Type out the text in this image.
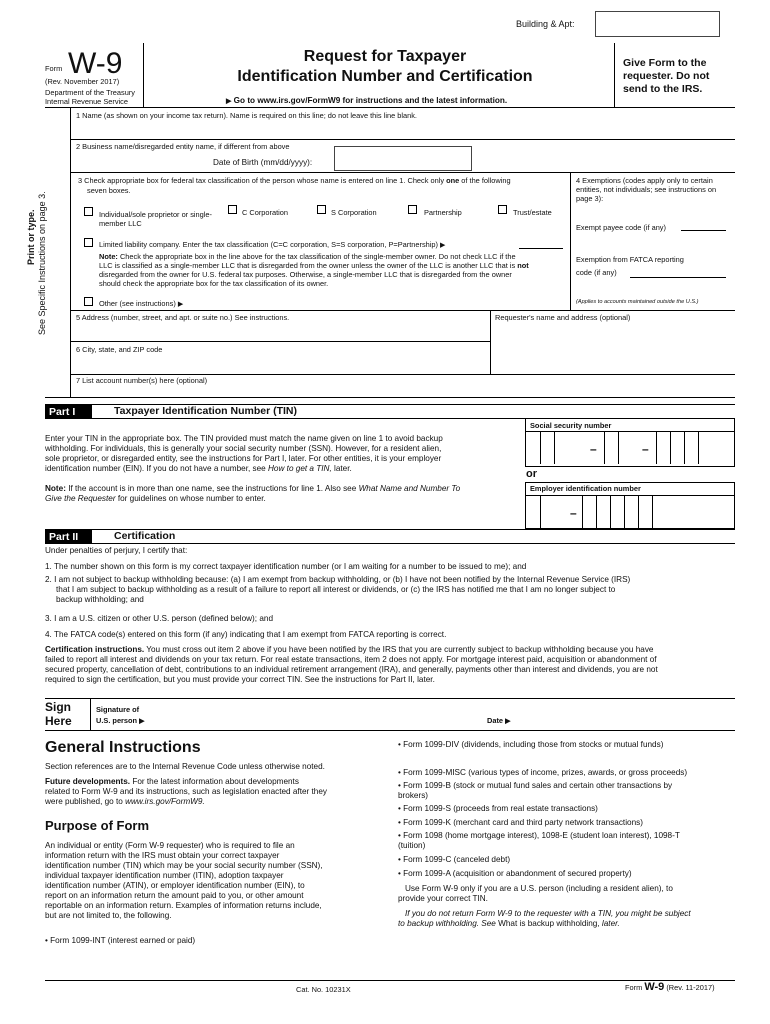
Building & Apt:
Form W-9
(Rev. November 2017)
Department of the Treasury
Internal Revenue Service
Request for Taxpayer
Identification Number and Certification
▶ Go to www.irs.gov/FormW9 for instructions and the latest information.
Give Form to the requester. Do not send to the IRS.
Print or type. See Specific Instructions on page 3.
1 Name (as shown on your income tax return). Name is required on this line; do not leave this line blank.
2 Business name/disregarded entity name, if different from above
Date of Birth (mm/dd/yyyy):
3 Check appropriate box for federal tax classification of the person whose name is entered on line 1. Check only one of the following
seven boxes.
Individual/sole proprietor or single-member LLC
C Corporation	S Corporation	Partnership	Trust/estate
Limited liability company. Enter the tax classification (C=C corporation, S=S corporation, P=Partnership) ▶
Note: Check the appropriate box in the line above for the tax classification of the single-member owner. Do not check LLC if the
LLC is classified as a single-member LLC that is disregarded from the owner unless the owner of the LLC is another LLC that is not
disregarded from the owner for U.S. federal tax purposes. Otherwise, a single-member LLC that is disregarded from the owner
should check the appropriate box for the tax classification of its owner.
Other (see instructions) ▶
4 Exemptions (codes apply only to certain entities, not individuals; see instructions on page 3):
Exempt payee code (if any)
Exemption from FATCA reporting
code (if any)
(Applies to accounts maintained outside the U.S.)
5 Address (number, street, and apt. or suite no.) See instructions.	Requester's name and address (optional)
6 City, state, and ZIP code
7 List account number(s) here (optional)
Part I	Taxpayer Identification Number (TIN)
Enter your TIN in the appropriate box. The TIN provided must match the name given on line 1 to avoid backup
withholding. For individuals, this is generally your social security number (SSN). However, for a resident alien,
sole proprietor, or disregarded entity, see the instructions for Part I, later. For other entities, it is your employer
identification number (EIN). If you do not have a number, see How to get a TIN, later.
Note: If the account is in more than one name, see the instructions for line 1. Also see What Name and Number To
Give the Requester for guidelines on whose number to enter.
Social security number
–	–
or
Employer identification number
–
Part II	Certification
Under penalties of perjury, I certify that:
1. The number shown on this form is my correct taxpayer identification number (or I am waiting for a number to be issued to me); and
2. I am not subject to backup withholding because: (a) I am exempt from backup withholding, or (b) I have not been notified by the Internal Revenue Service (IRS)
that I am subject to backup withholding as a result of a failure to report all interest or dividends, or (c) the IRS has notified me that I am no longer subject to
backup withholding; and
3. I am a U.S. citizen or other U.S. person (defined below); and
4. The FATCA code(s) entered on this form (if any) indicating that I am exempt from FATCA reporting is correct.
Certification instructions. You must cross out item 2 above if you have been notified by the IRS that you are currently subject to backup withholding because you have
failed to report all interest and dividends on your tax return. For real estate transactions, item 2 does not apply. For mortgage interest paid, acquisition or abandonment of
secured property, cancellation of debt, contributions to an individual retirement arrangement (IRA), and generally, payments other than interest and dividends, you are not
required to sign the certification, but you must provide your correct TIN. See the instructions for Part II, later.
Sign
Here
Signature of
U.S. person ▶	Date ▶
General Instructions
Section references are to the Internal Revenue Code unless otherwise noted.
Future developments. For the latest information about developments
related to Form W-9 and its instructions, such as legislation enacted after they
were published, go to www.irs.gov/FormW9.
Purpose of Form
An individual or entity (Form W-9 requester) who is required to file an
information return with the IRS must obtain your correct taxpayer
identification number (TIN) which may be your social security number (SSN),
individual taxpayer identification number (ITIN), adoption taxpayer
identification number (ATIN), or employer identification number (EIN), to
report on an information return the amount paid to you, or other amount
reportable on an information return. Examples of information returns include,
but are not limited to, the following.
• Form 1099-INT (interest earned or paid)
• Form 1099-DIV (dividends, including those from stocks or mutual funds)
• Form 1099-MISC (various types of income, prizes, awards, or gross proceeds)
• Form 1099-B (stock or mutual fund sales and certain other transactions by
brokers)
• Form 1099-S (proceeds from real estate transactions)
• Form 1099-K (merchant card and third party network transactions)
• Form 1098 (home mortgage interest), 1098-E (student loan interest), 1098-T
(tuition)
• Form 1099-C (canceled debt)
• Form 1099-A (acquisition or abandonment of secured property)
Use Form W-9 only if you are a U.S. person (including a resident alien), to
provide your correct TIN.
If you do not return Form W-9 to the requester with a TIN, you might be subject
to backup withholding. See What is backup withholding, later.
Cat. No. 10231X	Form W-9 (Rev. 11-2017)
